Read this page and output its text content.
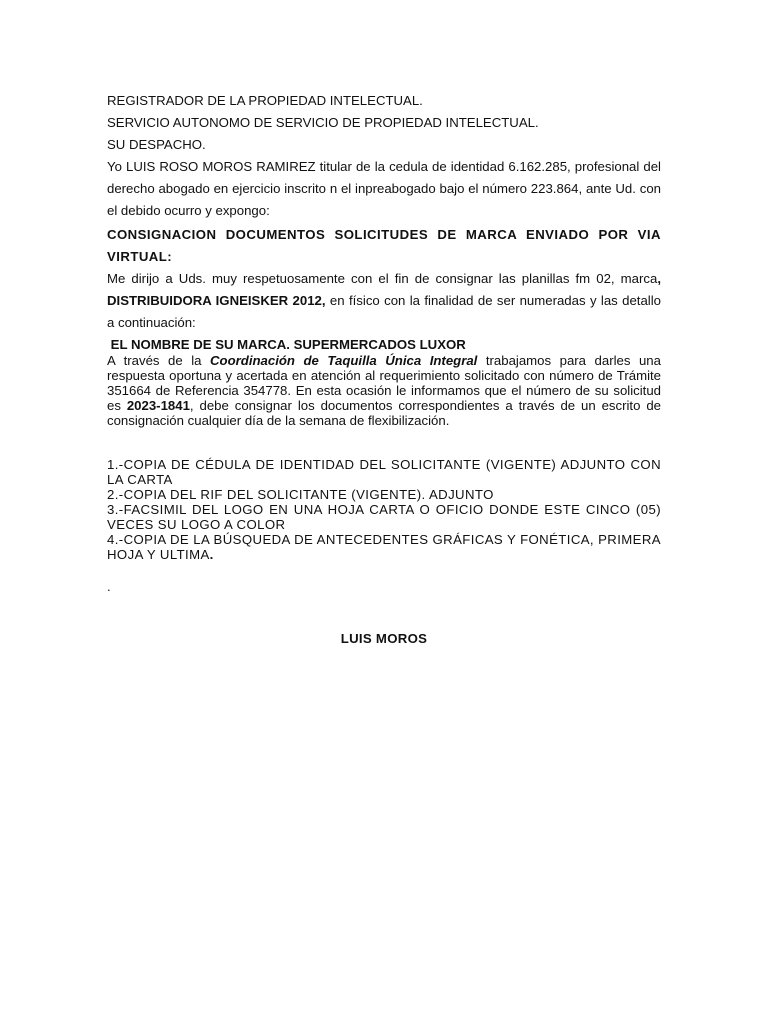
REGISTRADOR DE LA PROPIEDAD INTELECTUAL.
SERVICIO AUTONOMO DE SERVICIO DE PROPIEDAD INTELECTUAL.
SU DESPACHO.
Yo LUIS ROSO MOROS RAMIREZ titular de la cedula de identidad 6.162.285, profesional del derecho abogado en ejercicio inscrito n el inpreabogado bajo el número 223.864, ante Ud. con el debido ocurro y expongo:
CONSIGNACION DOCUMENTOS SOLICITUDES DE MARCA ENVIADO POR VIA VIRTUAL:
Me dirijo a Uds. muy respetuosamente con el fin de consignar las planillas fm 02, marca, DISTRIBUIDORA IGNEISKER 2012, en físico con la finalidad de ser numeradas y las detallo a continuación:
EL NOMBRE DE SU MARCA. SUPERMERCADOS LUXOR
A través de la Coordinación de Taquilla Única Integral trabajamos para darles una respuesta oportuna y acertada en atención al requerimiento solicitado con número de Trámite 351664 de Referencia 354778. En esta ocasión le informamos que el número de su solicitud es 2023-1841, debe consignar los documentos correspondientes a través de un escrito de consignación cualquier día de la semana de flexibilización.
1.-COPIA DE CÉDULA DE IDENTIDAD DEL SOLICITANTE (VIGENTE) ADJUNTO CON LA CARTA
2.-COPIA DEL RIF DEL SOLICITANTE (VIGENTE). ADJUNTO
3.-FACSIMIL DEL LOGO EN UNA HOJA CARTA O OFICIO DONDE ESTE CINCO (05) VECES SU LOGO A COLOR
4.-COPIA DE LA BÚSQUEDA DE ANTECEDENTES GRÁFICAS Y FONÉTICA, PRIMERA HOJA Y ULTIMA.
.
LUIS MOROS
